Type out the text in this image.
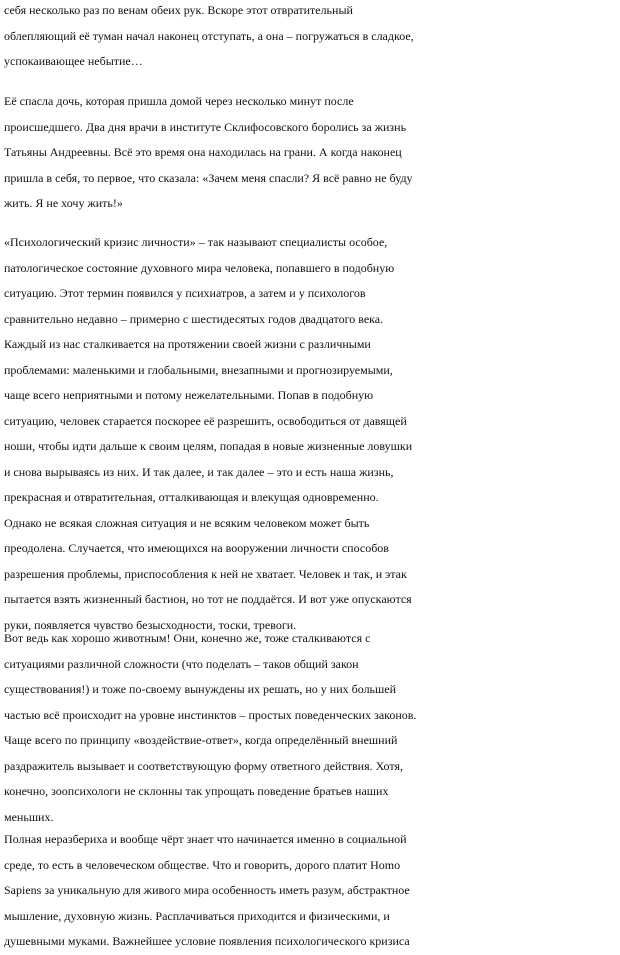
себя несколько раз по венам обеих рук. Вскоре этот отвратительный
облепляющий её туман начал наконец отступать, а она – погружаться в сладкое,
успокаивающее небытие…

Её спасла дочь, которая пришла домой через несколько минут после
происшедшего. Два дня врачи в институте Склифосовского боролись за жизнь
Татьяны Андреевны. Всё это время она находилась на грани. А когда наконец
пришла в себя, то первое, что сказала: «Зачем меня спасли? Я всё равно не буду
жить. Я не хочу жить!»

«Психологический кризис личности» – так называют специалисты особое,
патологическое состояние духовного мира человека, попавшего в подобную
ситуацию. Этот термин появился у психиатров, а затем и у психологов
сравнительно недавно – примерно с шестидесятых годов двадцатого века.
Каждый из нас сталкивается на протяжении своей жизни с различными
проблемами: маленькими и глобальными, внезапными и прогнозируемыми,
чаще всего неприятными и потому нежелательными. Попав в подобную
ситуацию, человек старается поскорее её разрешить, освободиться от давящей
ноши, чтобы идти дальше к своим целям, попадая в новые жизненные ловушки
и снова вырываясь из них. И так далее, и так далее – это и есть наша жизнь,
прекрасная и отвратительная, отталкивающая и влекущая одновременно.
Однако не всякая сложная ситуация и не всяким человеком может быть
преодолена. Случается, что имеющихся на вооружении личности способов
разрешения проблемы, приспособления к ней не хватает. Человек и так, и этак
пытается взять жизненный бастион, но тот не поддаётся. И вот уже опускаются
руки, появляется чувство безысходности, тоски, тревоги.

Вот ведь как хорошо животным! Они, конечно же, тоже сталкиваются с
ситуациями различной сложности (что поделать – таков общий закон
существования!) и тоже по-своему вынуждены их решать, но у них большей
частью всё происходит на уровне инстинктов – простых поведенческих законов.
Чаще всего по принципу «воздействие-ответ», когда определённый внешний
раздражитель вызывает и соответствующую форму ответного действия. Хотя,
конечно, зоопсихологи не склонны так упрощать поведение братьев наших
меньших.

Полная неразбериха и вообще чёрт знает что начинается именно в социальной
среде, то есть в человеческом обществе. Что и говорить, дорого платит Homo
Sapiens за уникальную для живого мира особенность иметь разум, абстрактное
мышление, духовную жизнь. Расплачиваться приходится и физическими, и
душевными муками. Важнейшее условие появления психологического кризиса
